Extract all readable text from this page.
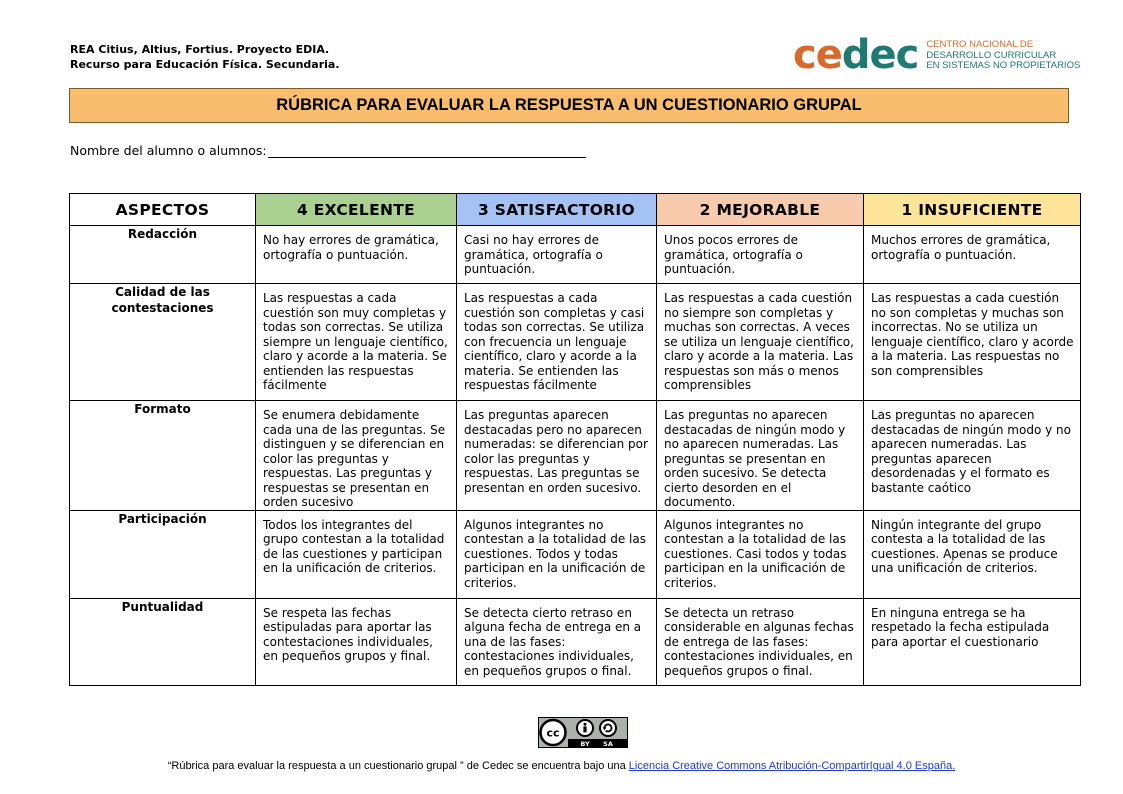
REA Citius, Altius, Fortius. Proyecto EDIA.
Recurso para Educación Física. Secundaria.	cedec CENTRO NACIONAL DE
DESARROLLO CURRICULAR
EN SISTEMAS NO PROPIETARIOS
RÚBRICA PARA EVALUAR LA RESPUESTA A UN CUESTIONARIO GRUPAL
Nombre del alumno o alumnos:
ASPECTOS	4 EXCELENTE	3 SATISFACTORIO	2 MEJORABLE	1 INSUFICIENTE
Redacción	No hay errores de gramática, ortografía o puntuación.	Casi no hay errores de gramática, ortografía o puntuación.	Unos pocos errores de gramática, ortografía o puntuación.	Muchos errores de gramática, ortografía o puntuación.
Calidad de las contestaciones	Las respuestas a cada cuestión son muy completas y todas son correctas. Se utiliza siempre un lenguaje científico, claro y acorde a la materia. Se entienden las respuestas fácilmente	Las respuestas a cada cuestión son completas y casi todas son correctas. Se utiliza con frecuencia un lenguaje científico, claro y acorde a la materia. Se entienden las respuestas fácilmente	Las respuestas a cada cuestión no siempre son completas y muchas son correctas. A veces se utiliza un lenguaje científico, claro y acorde a la materia. Las respuestas son más o menos comprensibles	Las respuestas a cada cuestión no son completas y muchas son incorrectas. No se utiliza un lenguaje científico, claro y acorde a la materia. Las respuestas no son comprensibles
Formato	Se enumera debidamente cada una de las preguntas. Se distinguen y se diferencian en color las preguntas y respuestas. Las preguntas y respuestas se presentan en orden sucesivo	Las preguntas aparecen destacadas pero no aparecen numeradas: se diferencian por color las preguntas y respuestas. Las preguntas se presentan en orden sucesivo.	Las preguntas no aparecen destacadas de ningún modo y no aparecen numeradas. Las preguntas se presentan en orden sucesivo. Se detecta cierto desorden en el documento.	Las preguntas no aparecen destacadas de ningún modo y no aparecen numeradas. Las preguntas aparecen desordenadas y el formato es bastante caótico
Participación	Todos los integrantes del grupo contestan a la totalidad de las cuestiones y participan en la unificación de criterios.	Algunos integrantes no contestan a la totalidad de las cuestiones. Todos y todas participan en la unificación de criterios.	Algunos integrantes no contestan a la totalidad de las cuestiones. Casi todos y todas participan en la unificación de criterios.	Ningún integrante del grupo contesta a la totalidad de las cuestiones. Apenas se produce una unificación de criterios.
Puntualidad	Se respeta las fechas estipuladas para aportar las contestaciones individuales, en pequeños grupos y final.	Se detecta cierto retraso en alguna fecha de entrega en a una de las fases: contestaciones individuales, en pequeños grupos o final.	Se detecta un retraso considerable en algunas fechas de entrega de las fases: contestaciones individuales, en pequeños grupos o final.	En ninguna entrega se ha respetado la fecha estipulada para aportar el cuestionario
cc
BY SA
“Rúbrica para evaluar la respuesta a un cuestionario grupal ” de Cedec se encuentra bajo una Licencia Creative Commons Atribución-CompartirIgual 4.0 España.
